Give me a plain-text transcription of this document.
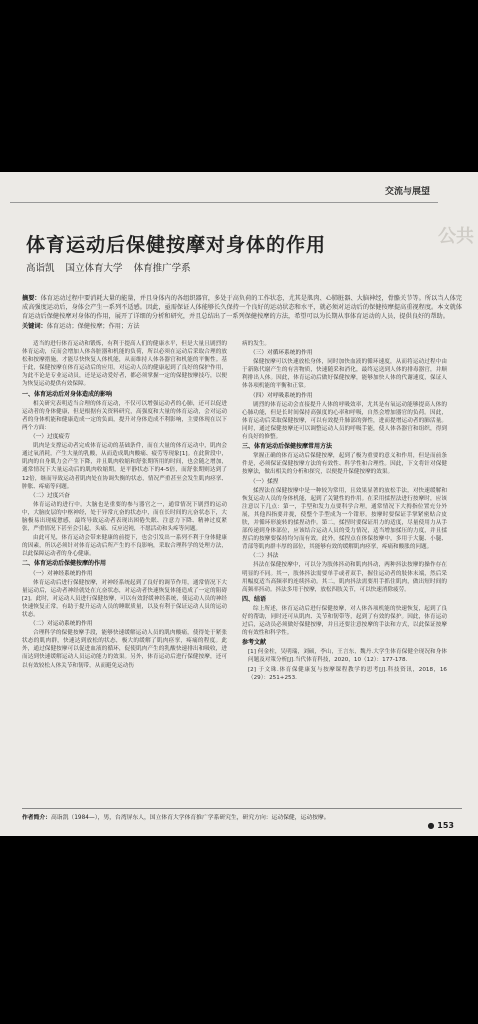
交流与展望
公共
体育运动后保健按摩对身体的作用
高诣凯 国立体育大学 体育推广学系
摘要：体育运动过程中要消耗大量的能量，并且身体内的各组织器官，多处于高负荷的工作状态，尤其是肌肉、心肺脏器、大脑神经，骨骼关节等。所以当人体完成高强度运动后，身体会产生一系列不适感。因此，亟需保证人体能够长久保持一个良好的运动状态和水平，就必须对运动后的保健按摩提高重视程度。本文就体育运动后保健按摩对身体的作用，展开了详细的分析和研究，并且总结出了一系列保健按摩的方法，希望可以为长期从事体育运动的人员，提供良好的帮助。
关键词：体育运动；保健按摩；作用；方法

适当的进行体育运动和锻炼，有利于提高人们的健康水平，但是大量且剧烈的体育运动，反而会增加人体各脏器和机能的负荷，所以必须在运动后采取合理的放松和按摩措施，才能尽快恢复人体机能，从而维持人体各器官和机能的平衡性。基于此，保健按摩在体育运动后的应用，对运动人员的健康起到了良好的保护作用，为此不论是专业运动员，还是运动爱好者，都必须掌握一定的保健按摩技巧，以便为恢复运动提供有效保障。

一、体育运动后对身体造成的影响

相关研究表明适当合理的体育运动，不仅可以增强运动者的心肺，还可以促进运动者的身体健康，但是根据有关资料研究，高强度和大量的体育运动，会对运动者的身体机能和健康造成一定的负面，提升对身体造成不利影响，主要体现在以下两个方面：

（一）过度疲劳

肌肉是支撑运动者完成体育运动的基础条件，而在大量的体育运动中，肌肉会通过氧消耗，产生大量的乳酸，从而造成肌肉酸痛、疲劳等现象[1]。在此阶段中，肌肉的自身肌力会产生下降，并且肌肉收缩和舒张期所用的时间，也会随之增加，通常情况下大量运动后的肌肉收缩期，是平静状态下的4-5倍，而舒张期则达到了12倍，继而导致运动者肌肉处在协调失衡的状态，情况严重甚至会发生肌肉痉挛、肿胀、疼痛等问题。

（二）过度兴奋

体育运动的进行中，大脑也是重要的参与器官之一，通常情况下剧烈的运动中，大脑皮层的中枢神经，处于异常亢奋的状态中，而在长时间的亢奋状态下，大脑极易出现疲惫感，最终导致运动者表现出困倦失眠、注意力下降、精神过度紧张，严重情况下甚至会引起，头痛、反应迟钝，不愿活动和头疼等问题。

由此可见，体育运动会带来健康的前提下，也会引发出一系列不利于身体健康的因素，所以必须针对体育运动后所产生的不良影响，采取合理科学的处理方法，以此保障运动者的身心健康。

二、体育运动后保健按摩的作用
（一）对神经系统的作用

体育运动后进行保健按摩，对神经系统起到了良好的调节作用，通常情况下大量运动后，运动者神经就处在亢奋状态，对运动者快速恢复体能造成了一定的阻碍[2]。此时，对运动人员进行保健按摩，可以有效舒缓神经系统，使运动人员的神经快速恢复正常，有助于提升运动人员的睡眠质量，以及有利于保证运动人员的运动状态。

（二）对运动系统的作用

合理科学的保健按摩手段，能够快速缓解运动人员的肌肉酸痛，使得处于紧张状态的肌肉群，快速达到放松的状态，极大的缓解了肌肉痉挛，疼痛的程度。此外，通过保健按摩可以促进血液的循环，促使肌肉产生的乳酸快速排出和吸收，进而达到快速缓解运动人员运动能力的效果。另外，体育运动后进行保健按摩，还可以有效较松人体关节和韧带，从而避免运动伤

病的发生。

（三）对循环系统的作用

保健按摩可以快速放松身体，同时加快血液的循环速度，从而将运动过程中由于新陈代谢产生的有害物质，快速随采和消化，最终运送到人体的排毒器官，并顺利排出人体。因此，体育运动后做好保健按摩，能够加快人体的代谢速度，保证人体各项机能的平衡和正常。

（四）对呼吸系统的作用

剧烈的体育运动会直接提升人体的呼吸效率，尤其是有氧运动能够提高人体的心肺功能，但是长时间保持高强度的心率和呼吸，自然会增加器官的负荷。因此，体育运动后采取保健按摩，可以有效提升肺部的弹性，进而提增运动者的肺活量。同时，通过保健按摩还可以调整运动人员的呼吸手能，使人体各器官和组织，得到有良好的修整。

三、体育运动后保健按摩常用方法

掌握正确的体育运动后保健按摩，起到了极为重要的意义和作用，但是而前条件是，必须保证保健按摩方法的有效性、科学性和合理性。因此，下文将针对保健按摩法，做出相关的分析和探究，以便提升保健按摩的效果。

（一）揉捏

揉捏法在保健按摩中是一种较为常用，且效果显著的放松手法，对快速缓解和恢复运动人员的身体机能，起到了关键性的作用。在采用揉捏法进行按摩时，应该注意以下几点：第一，手型和发力点要科学合理，通常情况下大拇指位置充分外展，其他四指要并拢，使整个手型成为一个钳形。按摩时要保证手掌紧密贴合皮肤，并循环形旋转的揉捏动作。第二，揉捏时要保证用力的适度，尽量使用力从手部传递到身体部位，应该结合运动人员的受力情况，适当增加揉压的力度，并且揉捏后的按摩要保持均匀而有效。此外，揉捏点在体保按摩中，多用于大腿、小腿、背部等肌肉群丰厚的部位，其能够有效的缓解肌肉痉挛，疼痛和酸胀的问题。

（二）抖法

抖法在保健按摩中，可以分为肢体抖动和肌肉抖动，两种抖法按摩的操作存在明显的不同。其一，肢体抖法需要单手或者双手，握住运动者的肢体末端，然后采用幅度适当高频率的连续抖动。其二，肌肉抖法需要用手抓住肌肉，做出短时间的高频率抖动。抖法多用于按摩，放松四肢关节，可以快速消除疲劳。

四、结语

综上所述，体育运动后进行保健按摩，对人体各项机能的快速恢复，起到了良好的帮助，同时还可从肌肉、关节和韧带等，起到了有效的保护。因此，体育运动过后，运动员必须做好保健按摩，并且还要注意按摩的手法和方式，以此保证按摩的有效性和科学性。

参考文献

[1] 何金柱，吴明瑞，刘硕，李山，王言东，魏丹.大学生体育保健全现况和身体问题及对策分析[J].当代体育科技，2020，10（12）：177-178.

[2] 于文珠.体育保健康复与按摩课程教学的思考[J].科技资讯，2018，16（29）：251+253.

作者简介：高诣凯（1984—），男，台湾屏东人，国立体育大学体育推广学系研究生，研究方向：运动保健，运动按摩。
● 153
